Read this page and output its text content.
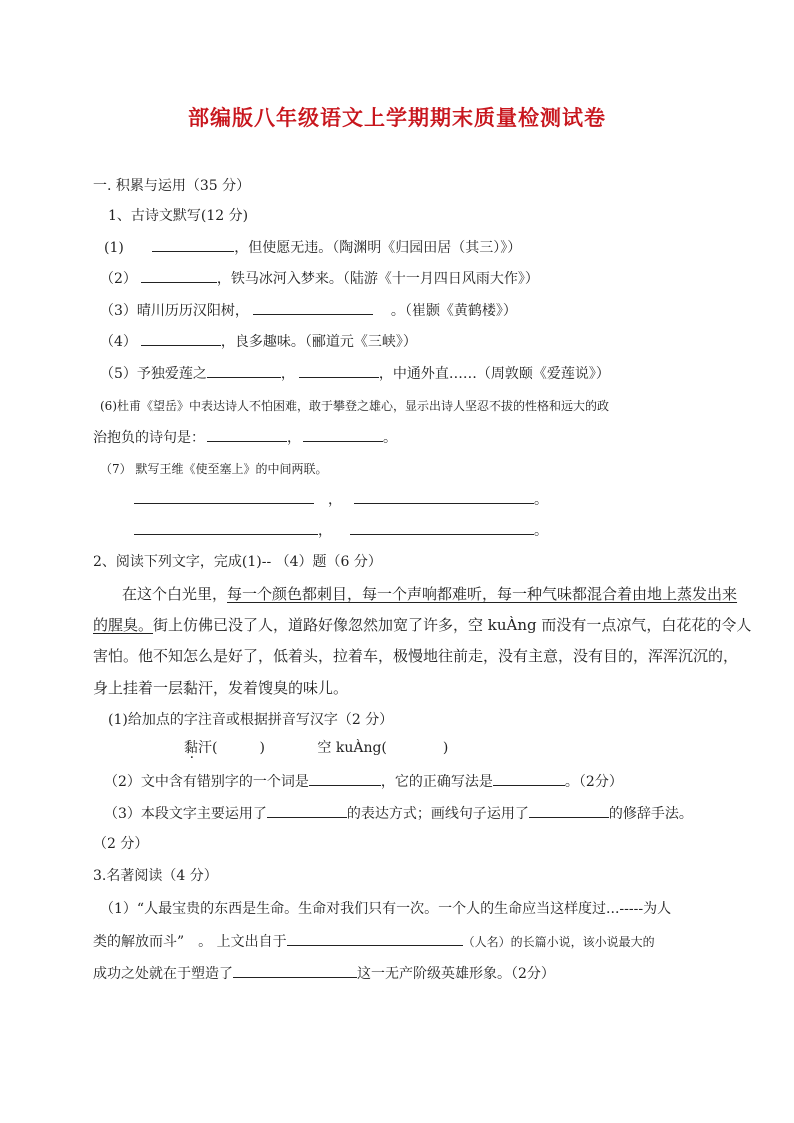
部编版八年级语文上学期期末质量检测试卷
一. 积累与运用（35 分）
1、古诗文默写(12 分)
(1)	，但使愿无违。（陶渊明《归园田居（其三）》）
（2）	，铁马冰河入梦来。（陆游《十一月四日风雨大作》）
（3）晴川历历汉阳树，	。（崔颢《黄鹤楼》）
（4）	，良多趣味。（郦道元《三峡》）
（5）予独爱莲之	，	，中通外直……（周敦颐《爱莲说》）
(6)杜甫《望岳》中表达诗人不怕困难，敢于攀登之雄心，显示出诗人坚忍不拔的性格和远大的政
治抱负的诗句是：	，	。
（7） 默写王维《使至塞上》的中间两联。
，	。
，	。
2、阅读下列文字，完成(1)-- （4）题（6 分）
在这个白光里，每一个颜色都刺目，每一个声响都难听，每一种气味都混合着由地上蒸发出来
的腥臭。街上仿佛已没了人，道路好像忽然加宽了许多，空 kuÀng 而没有一点凉气，白花花的令人
害怕。他不知怎么是好了，低着头，拉着车，极慢地往前走，没有主意，没有目的，浑浑沉沉的，
身上挂着一层黏汗，发着馊臭的味儿。
(1)给加点的字注音或根据拼音写汉字（2 分）
黏汗(　　　)	空 kuÀng(　　　　)
（2）文中含有错别字的一个词是	，它的正确写法是	。（2分）
（3）本段文字主要运用了	的表达方式；画线句子运用了	的修辞手法。
（2 分）
3.名著阅读（4 分）
（1）“人最宝贵的东西是生命。生命对我们只有一次。一个人的生命应当这样度过...-----为人
类的解放而斗”　。 上文出自于	（人名）的长篇小说，该小说最大的
成功之处就在于塑造了	这一无产阶级英雄形象。（2分）
